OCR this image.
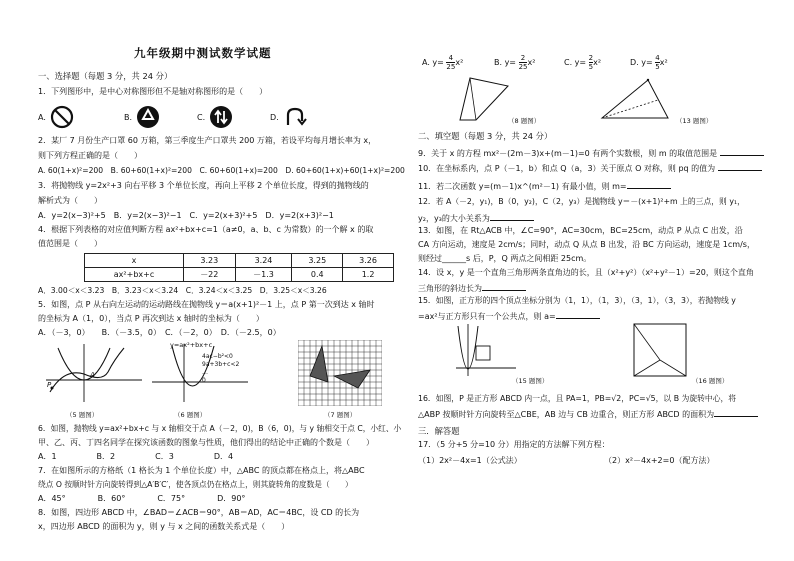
九年级期中测试数学试题
一、选择题（每题 3 分，共 24 分）
1．下列图形中，是中心对称图形但不是轴对称图形的是（　　）
A.	B.	C.	D.
2．某厂 7 月份生产口罩 60 万箱，第三季度生产口罩共 200 万箱，若设平均每月增长率为 x，
则下列方程正确的是（　　）
A. 60(1+x)²=200　B. 60+60(1+x)²=200　C. 60+60(1+x)=200　D. 60+60(1+x)+60(1+x)²=200
3．将抛物线 y=2x²+3 向右平移 3 个单位长度，再向上平移 2 个单位长度，得到的抛物线的
解析式为（　　）
A．y=2(x−3)²+5　B．y=2(x−3)²−1　C．y=2(x+3)²+5　D．y=2(x+3)²−1
4．根据下列表格的对应值判断方程 ax²+bx+c=1（a≠0，a、b、c 为常数）的一个解 x 的取
值范围是（　　）
x	3.23	3.24	3.25	3.26
ax²+bx+c	－22	－1.3	0.4	1.2
A．3.00＜x＜3.23　B．3.23＜x＜3.24　C．3.24＜x＜3.25　D．3.25＜x＜3.26
5．如图，点 P 从右向左运动的运动路线在抛物线 y＝a(x+1)²－1 上，点 P 第一次到达 x 轴时
的坐标为 A（1，0），当点 P 再次到达 x 轴时的坐标为（　　）
A．（－3，0）　　B．（－3.5，0）　C．（－2，0）　D．（－2.5，0）
P
A
（5 题图）
y=ax²+bx+c
4ac−b²<0
9a+3b+c<2
…
0
（6 题图）	（7 题图）
6．如图，抛物线 y=ax²+bx+c 与 x 轴相交于点 A（－2，0)，B（6，0)，与 y 轴相交于点 C，小红、小
甲、乙、丙、丁四名同学在探究该函数的图象与性质，他们得出的结论中正确的个数是（　　）
A．1　　　　　B．2　　　　　C．3　　　　　D．4
7．在如图所示的方格纸（1 格长为 1 个单位长度）中，△ABC 的顶点都在格点上，将△ABC
绕点 O 按顺时针方向旋转得到△A′B′C′，使各顶点仍在格点上，则其旋转角的度数是（　　）
A．45°　　　　B．60°　　　　C．75°　　　　D．90°
8．如图，四边形 ABCD 中，∠BAD＝∠ACB＝90°，AB＝AD，AC＝4BC，设 CD 的长为
x，四边形 ABCD 的面积为 y，则 y 与 x 之间的函数关系式是（　　）
A. $y= \frac{4}{25} x^2$	B. $y= \frac{2}{25} x^2$	C. $y= \frac{2}{5} x^2$	D. $y= \frac{4}{5} x^2$
（8 题图）	（13 题图）
二、填空题（每题 3 分，共 24 分）
9．关于 x 的方程 mx²－(2m－3)x+(m－1)=0 有两个实数根，则 m 的取值范围是
10．在坐标系内，点 P（－1，b）和点 Q（a，3）关于原点 O 对称，则 pq 的值为
11．若二次函数 y=(m－1)x^(m²－1) 有最小值，则 m=
12．若 A（－2，y₁)，B（0，y₂)，C（2，y₃）是抛物线 y＝－(x+1)²+m 上的三点，则 y₁，
y₂，y₃的大小关系为
13．如图，在 Rt△ACB 中，∠C=90°，AC=30cm，BC=25cm，动点 P 从点 C 出发，沿
CA 方向运动，速度是 2cm/s；同时，动点 Q 从点 B 出发，沿 BC 方向运动，速度是 1cm/s，
则经过______s 后，P，Q 两点之间相距 25cm。
14．设 x，y 是一个直角三角形两条直角边的长，且（x²+y²）（x²+y²－1）=20，则这个直角
三角形的斜边长为
15．如图，正方形的四个顶点坐标分别为（1，1），（1，3），（3，1），（3，3），若抛物线 y
=ax²与正方形只有一个公共点，则 a=
（15 题图）	（16 题图）
16．如图，P 是正方形 ABCD 内一点，且 PA=1，PB=√2，PC=√5，以 B 为旋转中心，将
△ABP 按顺时针方向旋转至△CBE，AB 边与 CB 边重合，则正方形 ABCD 的面积为
三．解答题
17．（5 分+5 分=10 分）用指定的方法解下列方程：
（1）2x²－4x=1（公式法）	（2）x²－4x+2=0（配方法）
